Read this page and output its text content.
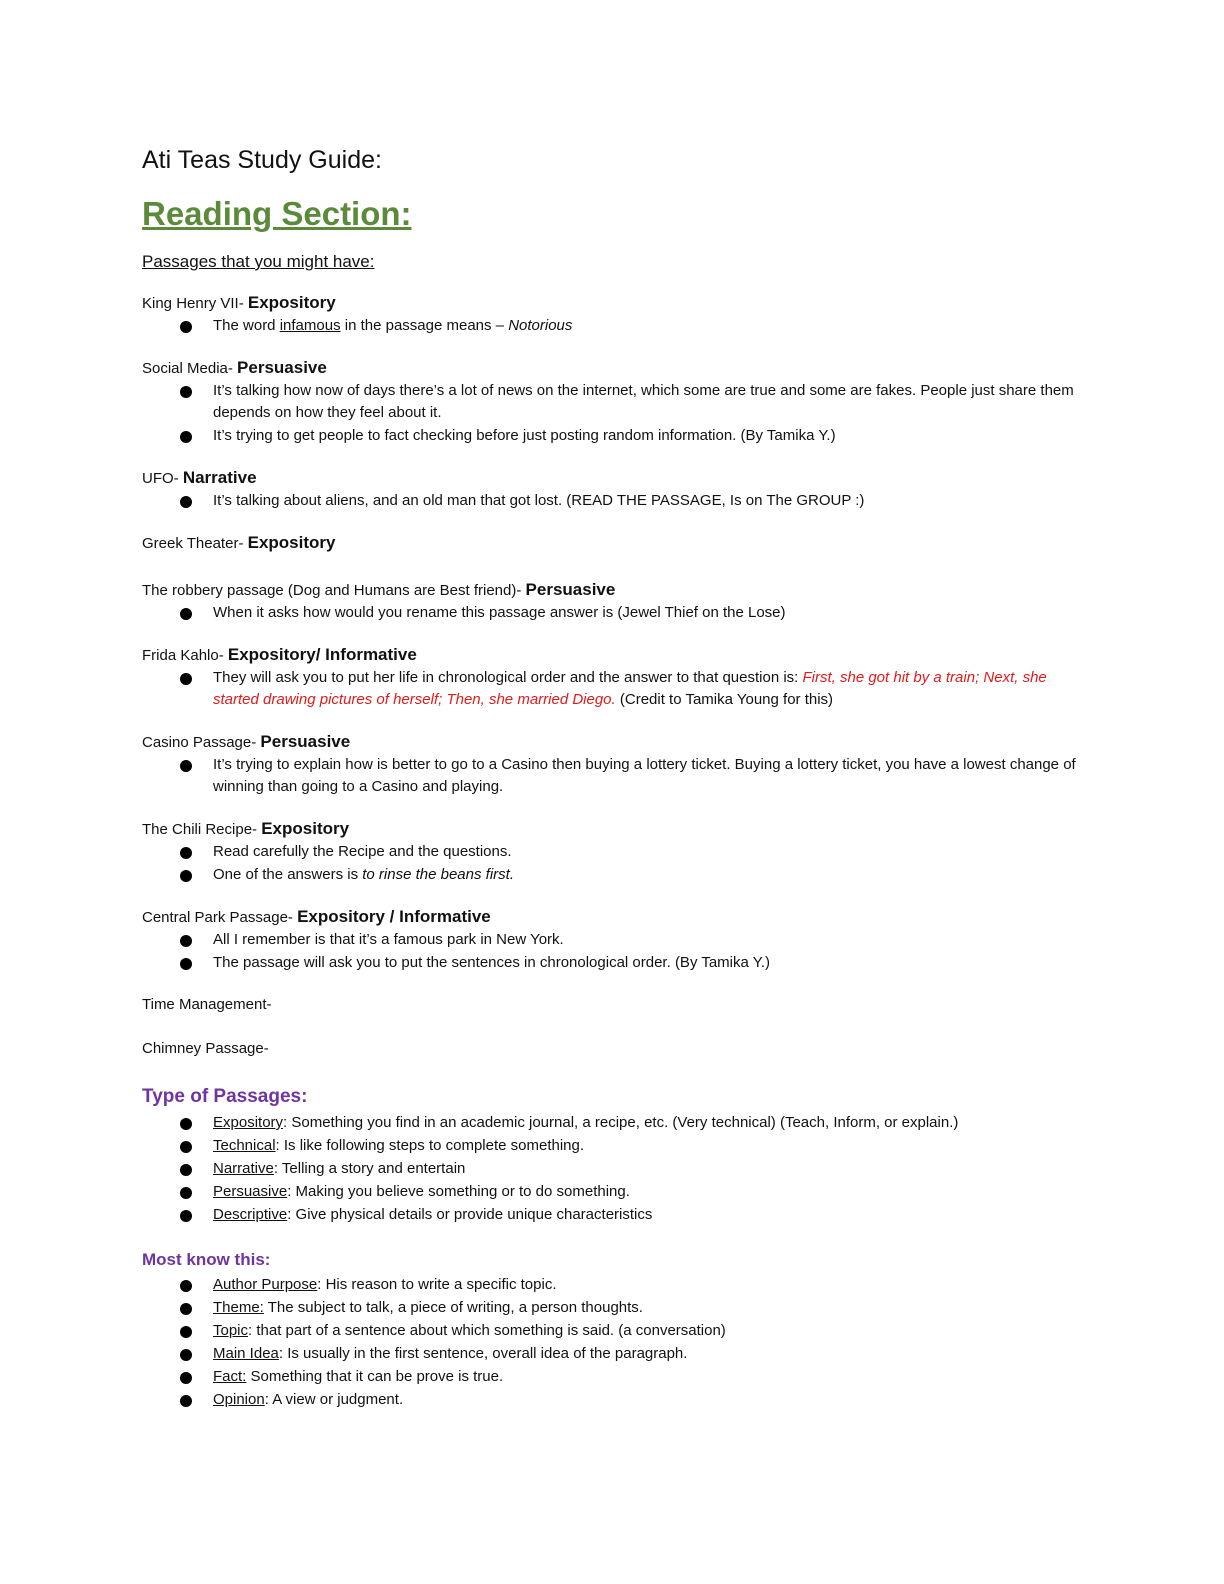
Ati Teas Study Guide:
Reading Section:
Passages that you might have:
King Henry VII- Expository
The word infamous in the passage means – Notorious
Social Media- Persuasive
It’s talking how now of days there’s a lot of news on the internet, which some are true and some are fakes. People just share them depends on how they feel about it.
It’s trying to get people to fact checking before just posting random information. (By Tamika Y.)
UFO- Narrative
It’s talking about aliens, and an old man that got lost. (READ THE PASSAGE, Is on The GROUP :)
Greek Theater- Expository
The robbery passage (Dog and Humans are Best friend)- Persuasive
When it asks how would you rename this passage answer is (Jewel Thief on the Lose)
Frida Kahlo- Expository/ Informative
They will ask you to put her life in chronological order and the answer to that question is: First, she got hit by a train; Next, she started drawing pictures of herself; Then, she married Diego. (Credit to Tamika Young for this)
Casino Passage- Persuasive
It’s trying to explain how is better to go to a Casino then buying a lottery ticket. Buying a lottery ticket, you have a lowest change of winning than going to a Casino and playing.
The Chili Recipe- Expository
Read carefully the Recipe and the questions.
One of the answers is to rinse the beans first.
Central Park Passage- Expository / Informative
All I remember is that it’s a famous park in New York.
The passage will ask you to put the sentences in chronological order. (By Tamika Y.)
Time Management-
Chimney Passage-
Type of Passages:
Expository: Something you find in an academic journal, a recipe, etc. (Very technical) (Teach, Inform, or explain.)
Technical: Is like following steps to complete something.
Narrative: Telling a story and entertain
Persuasive: Making you believe something or to do something.
Descriptive: Give physical details or provide unique characteristics
Most know this:
Author Purpose: His reason to write a specific topic.
Theme: The subject to talk, a piece of writing, a person thoughts.
Topic: that part of a sentence about which something is said. (a conversation)
Main Idea: Is usually in the first sentence, overall idea of the paragraph.
Fact: Something that it can be prove is true.
Opinion: A view or judgment.
